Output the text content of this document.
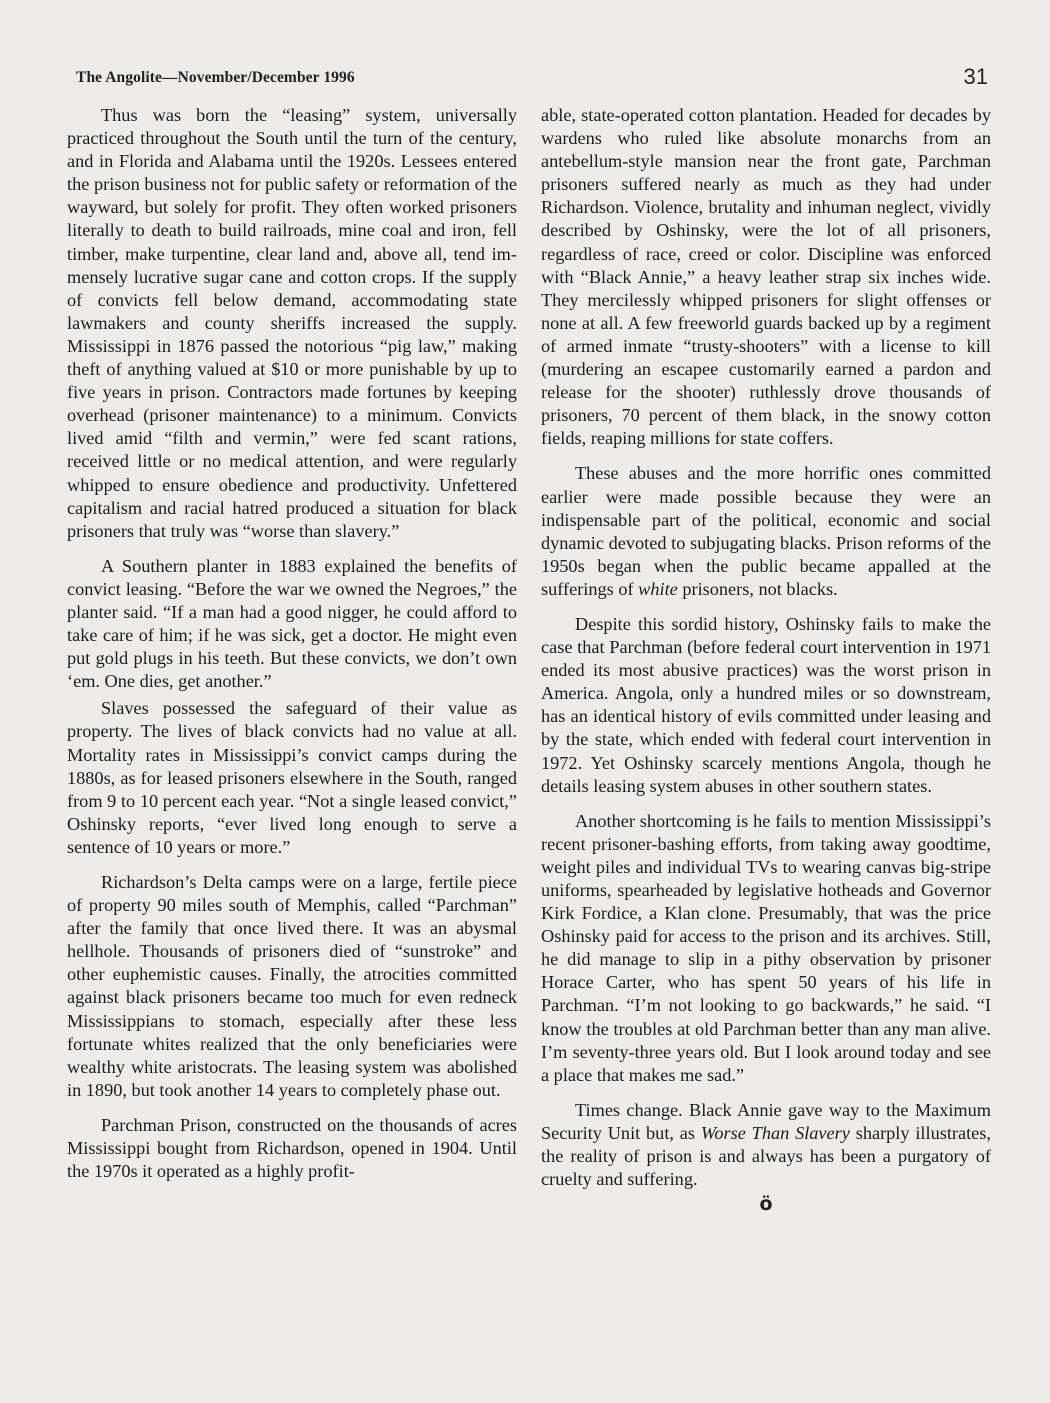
The Angolite—November/December 1996	31

Thus was born the “leasing” system, universally practiced throughout the South until the turn of the century, and in Florida and Alabama until the 1920s. Lessees entered the prison business not for public safety or reformation of the wayward, but solely for profit. They often worked prisoners literally to death to build railroads, mine coal and iron, fell timber, make turpentine, clear land and, above all, tend immensely lucrative sugar cane and cotton crops. If the supply of convicts fell below demand, accommodating state lawmakers and county sheriffs increased the supply. Mississippi in 1876 passed the notorious “pig law,” making theft of anything valued at $10 or more punishable by up to five years in prison. Contractors made fortunes by keeping overhead (prisoner maintenance) to a minimum. Convicts lived amid “filth and vermin,” were fed scant rations, received little or no medical attention, and were regularly whipped to ensure obedience and productivity. Unfettered capitalism and racial hatred produced a situation for black prisoners that truly was “worse than slavery.”

A Southern planter in 1883 explained the benefits of convict leasing. “Before the war we owned the Negroes,” the planter said. “If a man had a good nigger, he could afford to take care of him; if he was sick, get a doctor. He might even put gold plugs in his teeth. But these convicts, we don’t own ‘em. One dies, get another.”

Slaves possessed the safeguard of their value as property. The lives of black convicts had no value at all. Mortality rates in Mississippi’s convict camps during the 1880s, as for leased prisoners elsewhere in the South, ranged from 9 to 10 percent each year. “Not a single leased convict,” Oshinsky reports, “ever lived long enough to serve a sentence of 10 years or more.”

Richardson’s Delta camps were on a large, fertile piece of property 90 miles south of Memphis, called “Parchman” after the family that once lived there. It was an abysmal hellhole. Thousands of prisoners died of “sunstroke” and other euphemistic causes. Finally, the atrocities committed against black prisoners became too much for even redneck Mississippians to stomach, especially after these less fortunate whites realized that the only beneficiaries were wealthy white aristocrats. The leasing system was abolished in 1890, but took another 14 years to completely phase out.

Parchman Prison, constructed on the thousands of acres Mississippi bought from Richardson, opened in 1904. Until the 1970s it operated as a highly profit-

able, state-operated cotton plantation. Headed for decades by wardens who ruled like absolute monarchs from an antebellum-style mansion near the front gate, Parchman prisoners suffered nearly as much as they had under Richardson. Violence, brutality and inhuman neglect, vividly described by Oshinsky, were the lot of all prisoners, regardless of race, creed or color. Discipline was enforced with “Black Annie,” a heavy leather strap six inches wide. They mercilessly whipped prisoners for slight offenses or none at all. A few freeworld guards backed up by a regiment of armed inmate “trusty-shooters” with a license to kill (murdering an escapee customarily earned a pardon and release for the shooter) ruthlessly drove thousands of prisoners, 70 percent of them black, in the snowy cotton fields, reaping millions for state coffers.

These abuses and the more horrific ones committed earlier were made possible because they were an indispensable part of the political, economic and social dynamic devoted to subjugating blacks. Prison reforms of the 1950s began when the public became appalled at the sufferings of white prisoners, not blacks.

Despite this sordid history, Oshinsky fails to make the case that Parchman (before federal court intervention in 1971 ended its most abusive practices) was the worst prison in America. Angola, only a hundred miles or so downstream, has an identical history of evils committed under leasing and by the state, which ended with federal court intervention in 1972. Yet Oshinsky scarcely mentions Angola, though he details leasing system abuses in other southern states.

Another shortcoming is he fails to mention Mississippi’s recent prisoner-bashing efforts, from taking away goodtime, weight piles and individual TVs to wearing canvas big-stripe uniforms, spearheaded by legislative hotheads and Governor Kirk Fordice, a Klan clone. Presumably, that was the price Oshinsky paid for access to the prison and its archives. Still, he did manage to slip in a pithy observation by prisoner Horace Carter, who has spent 50 years of his life in Parchman. “I’m not looking to go backwards,” he said. “I know the troubles at old Parchman better than any man alive. I’m seventy-three years old. But I look around today and see a place that makes me sad.”

Times change. Black Annie gave way to the Maximum Security Unit but, as Worse Than Slavery sharply illustrates, the reality of prison is and always has been a purgatory of cruelty and suffering.

ö
